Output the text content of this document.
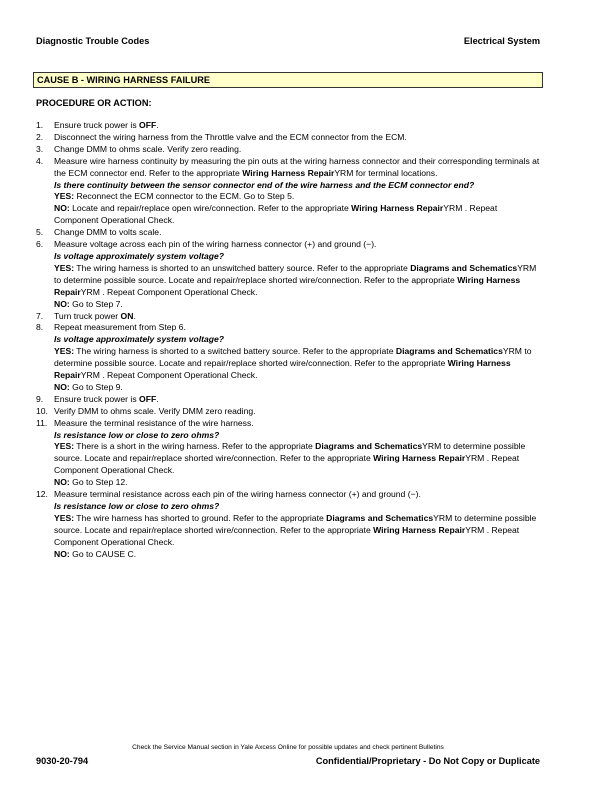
Diagnostic Trouble Codes	Electrical System
CAUSE B - WIRING HARNESS FAILURE
PROCEDURE OR ACTION:
1.	Ensure truck power is OFF.
2.	Disconnect the wiring harness from the Throttle valve and the ECM connector from the ECM.
3.	Change DMM to ohms scale. Verify zero reading.
4.	Measure wire harness continuity by measuring the pin outs at the wiring harness connector and their corresponding terminals at the ECM connector end. Refer to the appropriate Wiring Harness RepairYRM for terminal locations.
Is there continuity between the sensor connector end of the wire harness and the ECM connector end?
YES: Reconnect the ECM connector to the ECM. Go to Step 5.
NO: Locate and repair/replace open wire/connection. Refer to the appropriate Wiring Harness RepairYRM . Repeat Component Operational Check.
5.	Change DMM to volts scale.
6.	Measure voltage across each pin of the wiring harness connector (+) and ground (−).
Is voltage approximately system voltage?
YES: The wiring harness is shorted to an unswitched battery source. Refer to the appropriate Diagrams and SchematicsYRM to determine possible source. Locate and repair/replace shorted wire/connection. Refer to the appropriate Wiring Harness RepairYRM . Repeat Component Operational Check.
NO: Go to Step 7.
7.	Turn truck power ON.
8.	Repeat measurement from Step 6.
Is voltage approximately system voltage?
YES: The wiring harness is shorted to a switched battery source. Refer to the appropriate Diagrams and SchematicsYRM to determine possible source. Locate and repair/replace shorted wire/connection. Refer to the appropriate Wiring Harness RepairYRM . Repeat Component Operational Check.
NO: Go to Step 9.
9.	Ensure truck power is OFF.
10. Verify DMM to ohms scale. Verify DMM zero reading.
11. Measure the terminal resistance of the wire harness.
Is resistance low or close to zero ohms?
YES: There is a short in the wiring harness. Refer to the appropriate Diagrams and SchematicsYRM to determine possible source. Locate and repair/replace shorted wire/connection. Refer to the appropriate Wiring Harness RepairYRM . Repeat Component Operational Check.
NO: Go to Step 12.
12. Measure terminal resistance across each pin of the wiring harness connector (+) and ground (−).
Is resistance low or close to zero ohms?
YES: The wire harness has shorted to ground. Refer to the appropriate Diagrams and SchematicsYRM to determine possible source. Locate and repair/replace shorted wire/connection. Refer to the appropriate Wiring Harness RepairYRM . Repeat Component Operational Check.
NO: Go to CAUSE C.
Check the Service Manual section in Yale Axcess Online for possible updates and check pertinent Bulletins
9030-20-794	Confidential/Proprietary - Do Not Copy or Duplicate
